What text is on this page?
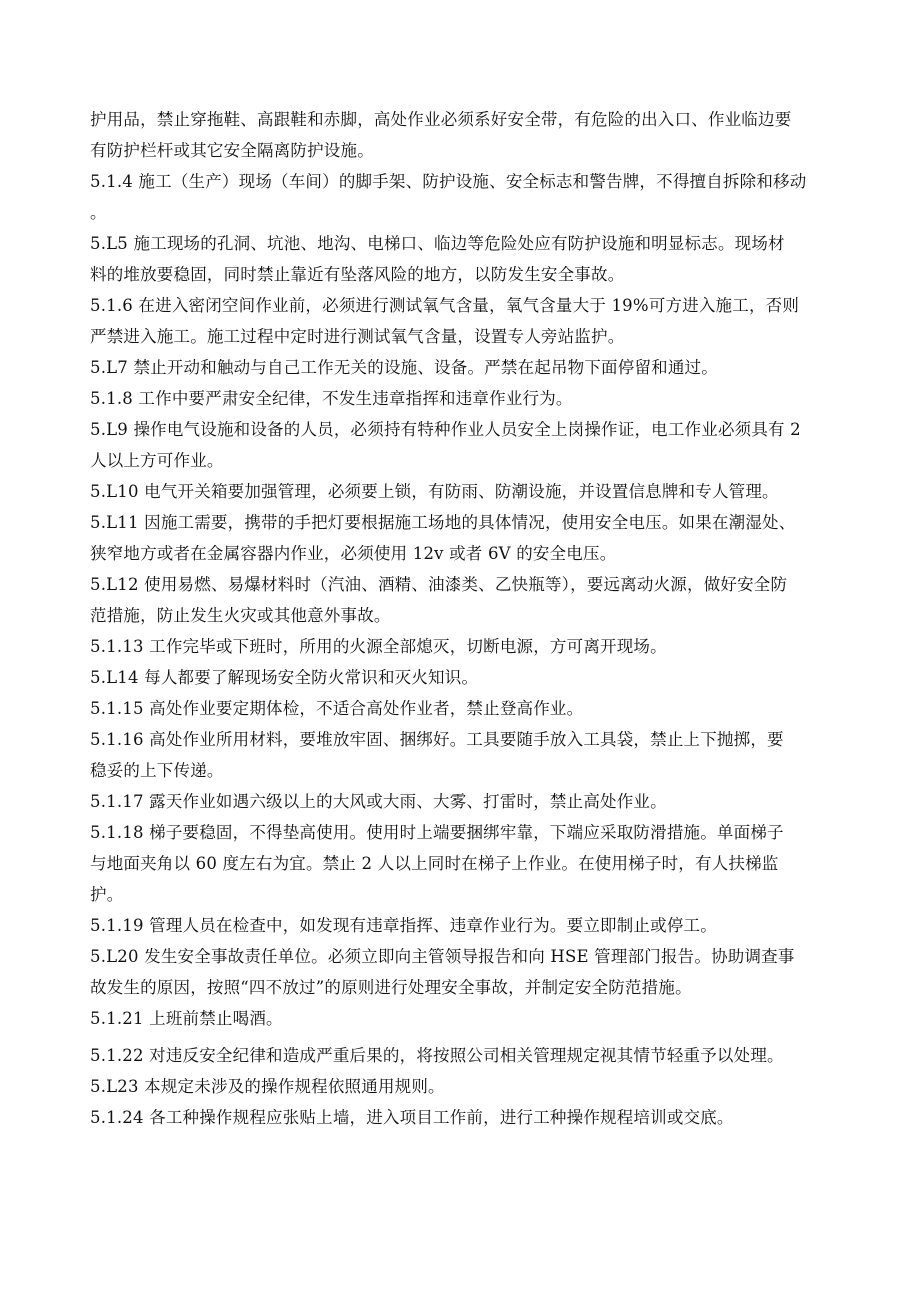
护用品，禁止穿拖鞋、高跟鞋和赤脚，高处作业必须系好安全带，有危险的出入口、作业临边要
有防护栏杆或其它安全隔离防护设施。
5.1.4 施工（生产）现场（车间）的脚手架、防护设施、安全标志和警告牌，不得擅自拆除和移动
。
5.L5 施工现场的孔洞、坑池、地沟、电梯口、临边等危险处应有防护设施和明显标志。现场材
料的堆放要稳固，同时禁止靠近有坠落风险的地方，以防发生安全事故。
5.1.6 在进入密闭空间作业前，必须进行测试氧气含量，氧气含量大于 19%可方进入施工，否则
严禁进入施工。施工过程中定时进行测试氧气含量，设置专人旁站监护。
5.L7 禁止开动和触动与自己工作无关的设施、设备。严禁在起吊物下面停留和通过。
5.1.8 工作中要严肃安全纪律，不发生违章指挥和违章作业行为。
5.L9 操作电气设施和设备的人员，必须持有特种作业人员安全上岗操作证，电工作业必须具有 2
人以上方可作业。
5.L10 电气开关箱要加强管理，必须要上锁，有防雨、防潮设施，并设置信息牌和专人管理。
5.L11 因施工需要，携带的手把灯要根据施工场地的具体情况，使用安全电压。如果在潮湿处、
狭窄地方或者在金属容器内作业，必须使用 12v 或者 6V 的安全电压。
5.L12 使用易燃、易爆材料时（汽油、酒精、油漆类、乙快瓶等），要远离动火源，做好安全防
范措施，防止发生火灾或其他意外事故。
5.1.13 工作完毕或下班时，所用的火源全部熄灭，切断电源，方可离开现场。
5.L14 每人都要了解现场安全防火常识和灭火知识。
5.1.15 高处作业要定期体检，不适合高处作业者，禁止登高作业。
5.1.16 高处作业所用材料，要堆放牢固、捆绑好。工具要随手放入工具袋，禁止上下抛掷，要
稳妥的上下传递。
5.1.17 露天作业如遇六级以上的大风或大雨、大雾、打雷时，禁止高处作业。
5.1.18 梯子要稳固，不得垫高使用。使用时上端要捆绑牢靠，下端应采取防滑措施。单面梯子
与地面夹角以 60 度左右为宜。禁止 2 人以上同时在梯子上作业。在使用梯子时，有人扶梯监
护。
5.1.19 管理人员在检查中，如发现有违章指挥、违章作业行为。要立即制止或停工。
5.L20 发生安全事故责任单位。必须立即向主管领导报告和向 HSE 管理部门报告。协助调查事
故发生的原因，按照“四不放过”的原则进行处理安全事故，并制定安全防范措施。
5.1.21 上班前禁止喝酒。
5.1.22 对违反安全纪律和造成严重后果的，将按照公司相关管理规定视其情节轻重予以处理。
5.L23 本规定未涉及的操作规程依照通用规则。
5.1.24 各工种操作规程应张贴上墙，进入项目工作前，进行工种操作规程培训或交底。
